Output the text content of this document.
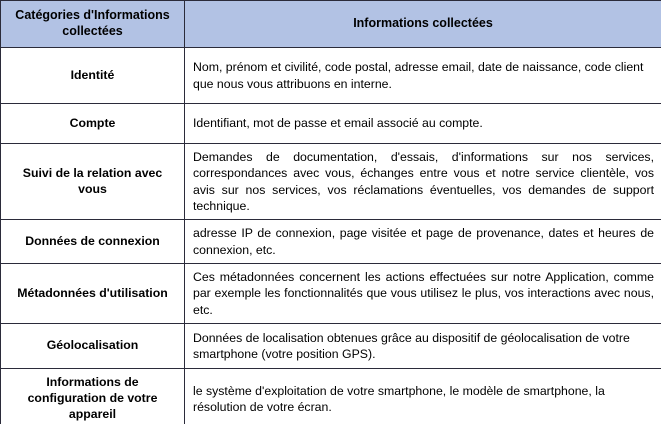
Catégories d'Informations collectées	Informations collectées
Identité	Nom, prénom et civilité, code postal, adresse email, date de naissance, code client que nous vous attribuons en interne.
Compte	Identifiant, mot de passe et email associé au compte.
Suivi de la relation avec vous	Demandes de documentation, d'essais, d'informations sur nos services, correspondances avec vous, échanges entre vous et notre service clientèle, vos avis sur nos services, vos réclamations éventuelles, vos demandes de support technique.
Données de connexion	adresse IP de connexion, page visitée et page de provenance, dates et heures de connexion, etc.
Métadonnées d'utilisation	Ces métadonnées concernent les actions effectuées sur notre Application, comme par exemple les fonctionnalités que vous utilisez le plus, vos interactions avec nous, etc.
Géolocalisation	Données de localisation obtenues grâce au dispositif de géolocalisation de votre smartphone (votre position GPS).
Informations de configuration de votre appareil	le système d'exploitation de votre smartphone, le modèle de smartphone, la résolution de votre écran.
